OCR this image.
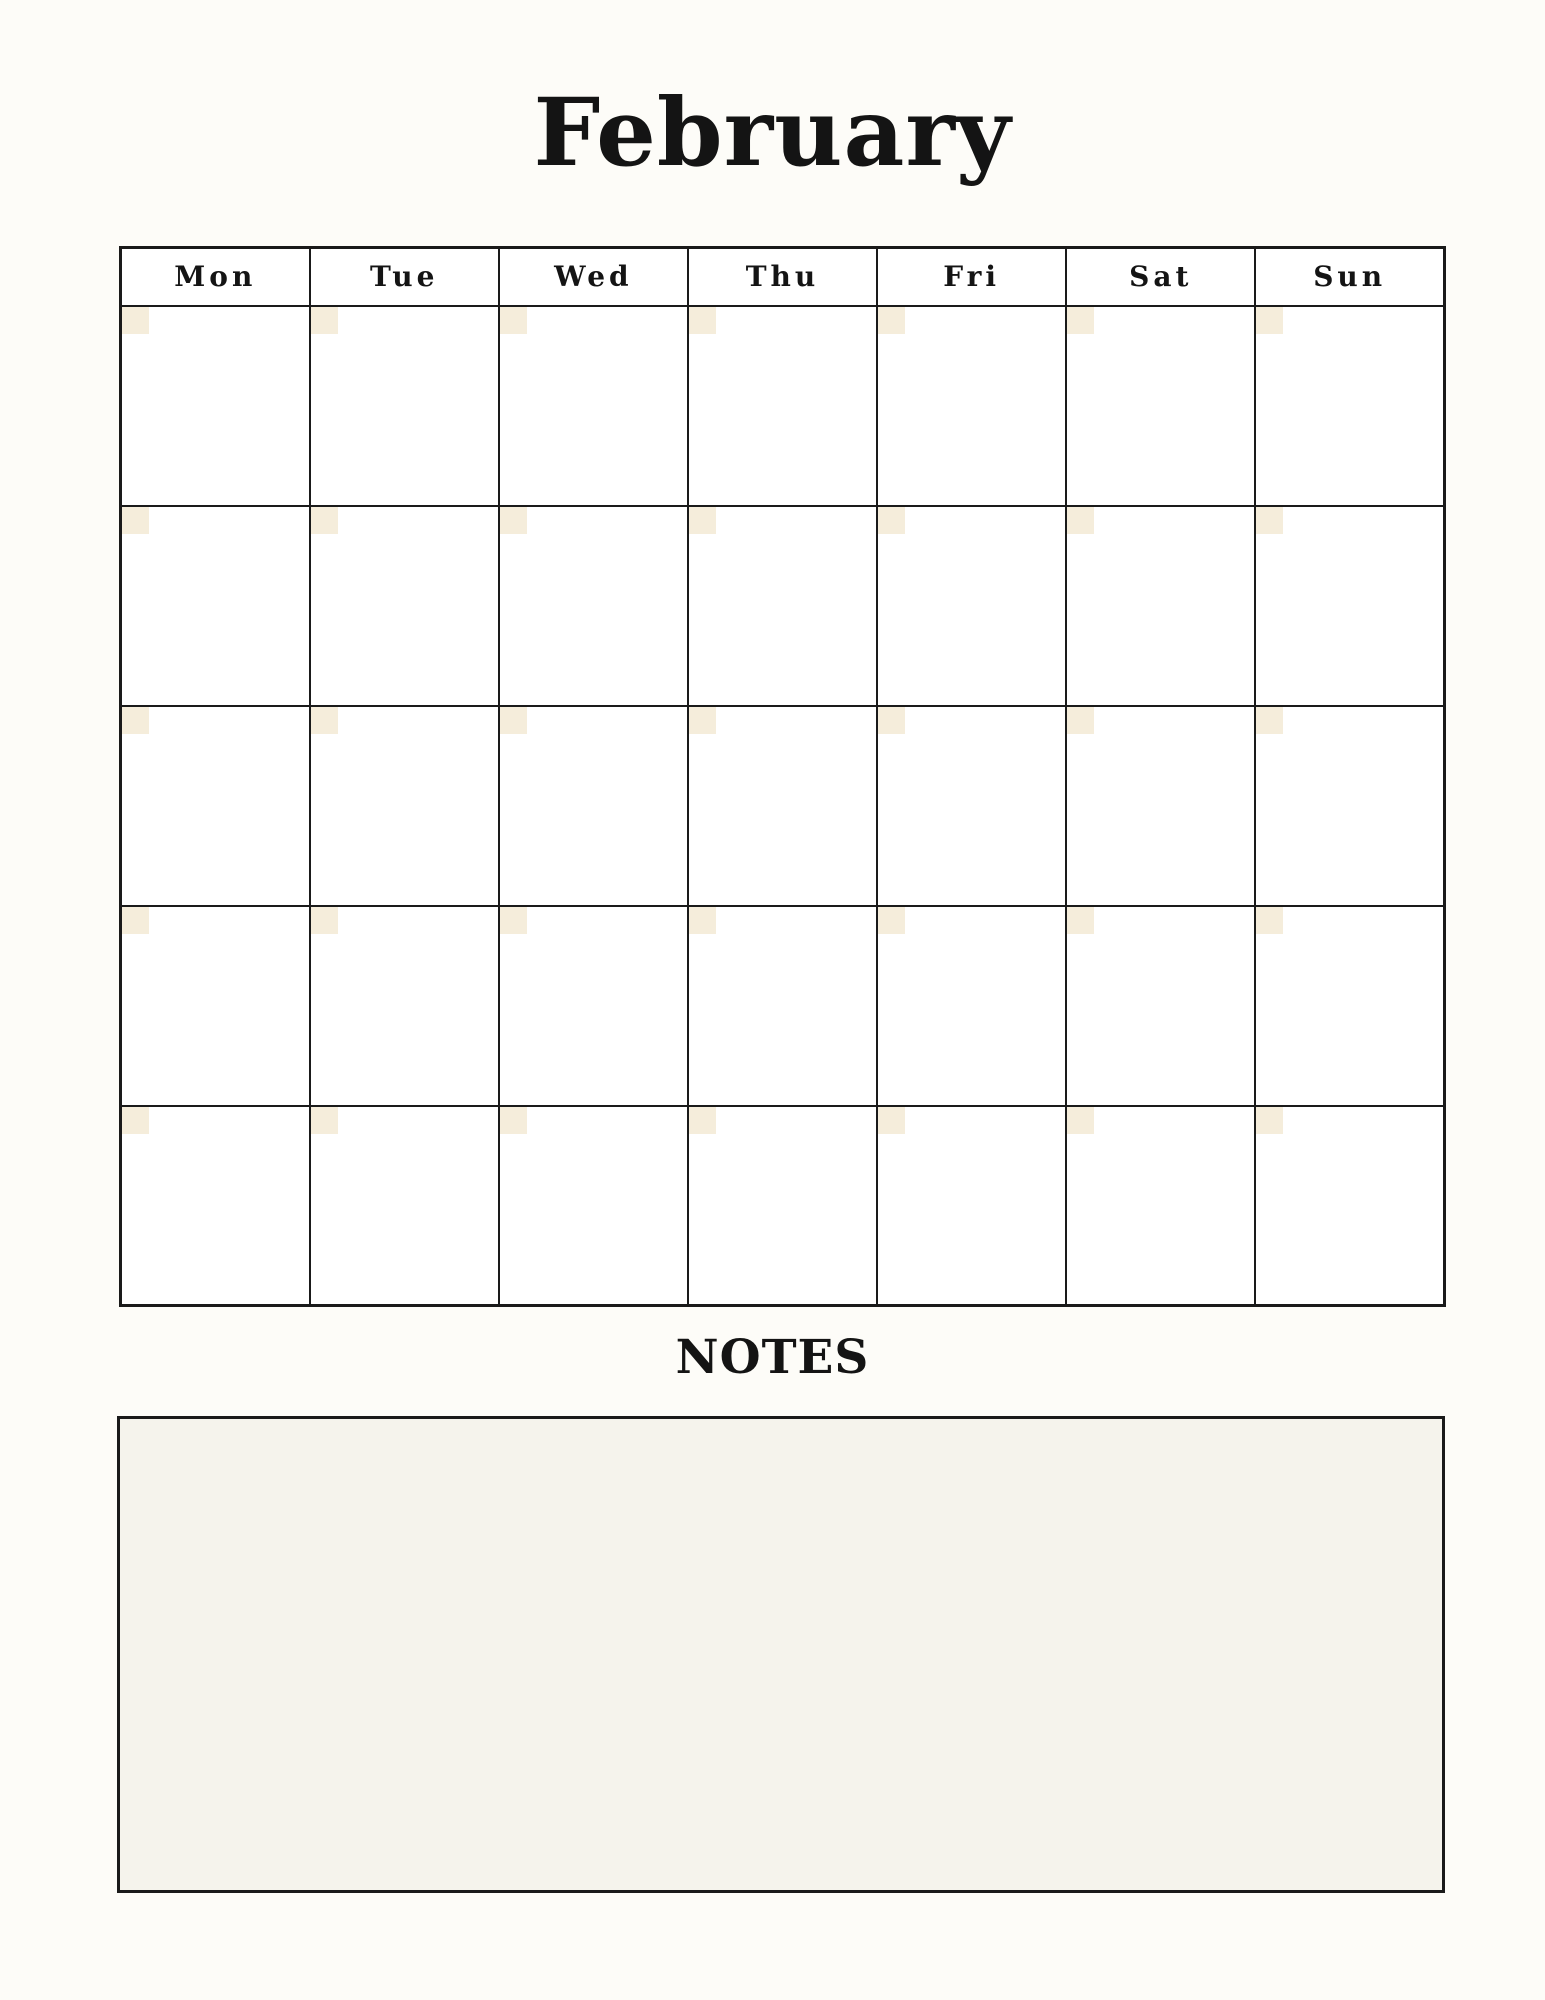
February
Mon	Tue	Wed	Thu	Fri	Sat	Sun

NOTES
